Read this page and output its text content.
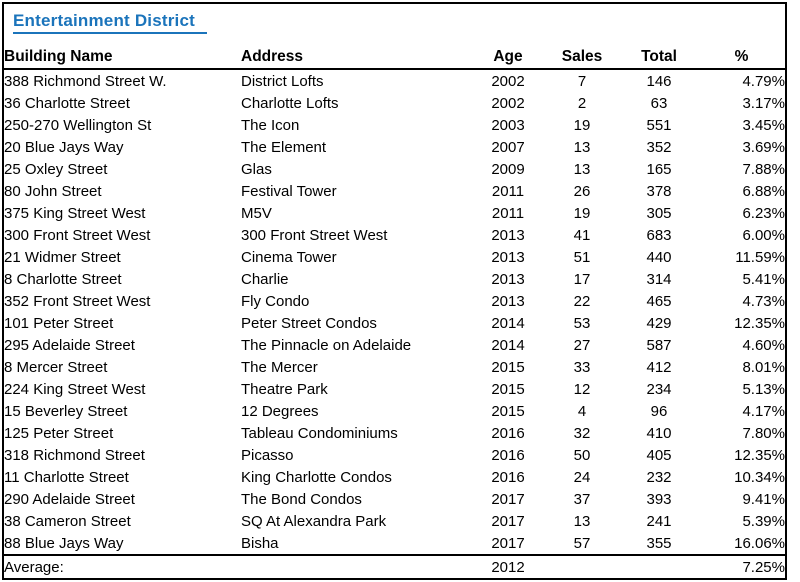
Entertainment District
Building Name	Address	Age	Sales	Total	%
388 Richmond Street W.	District Lofts	2002	7	146	4.79%
36 Charlotte Street	Charlotte Lofts	2002	2	63	3.17%
250-270 Wellington St	The Icon	2003	19	551	3.45%
20 Blue Jays Way	The Element	2007	13	352	3.69%
25 Oxley Street	Glas	2009	13	165	7.88%
80 John Street	Festival Tower	2011	26	378	6.88%
375 King Street West	M5V	2011	19	305	6.23%
300 Front Street West	300 Front Street West	2013	41	683	6.00%
21 Widmer Street	Cinema Tower	2013	51	440	11.59%
8 Charlotte Street	Charlie	2013	17	314	5.41%
352 Front Street West	Fly Condo	2013	22	465	4.73%
101 Peter Street	Peter Street Condos	2014	53	429	12.35%
295 Adelaide Street	The Pinnacle on Adelaide	2014	27	587	4.60%
8 Mercer Street	The Mercer	2015	33	412	8.01%
224 King Street West	Theatre Park	2015	12	234	5.13%
15 Beverley Street	12 Degrees	2015	4	96	4.17%
125 Peter Street	Tableau Condominiums	2016	32	410	7.80%
318 Richmond Street	Picasso	2016	50	405	12.35%
11 Charlotte Street	King Charlotte Condos	2016	24	232	10.34%
290 Adelaide Street	The Bond Condos	2017	37	393	9.41%
38 Cameron Street	SQ At Alexandra Park	2017	13	241	5.39%
88 Blue Jays Way	Bisha	2017	57	355	16.06%
Average:		2012			7.25%
